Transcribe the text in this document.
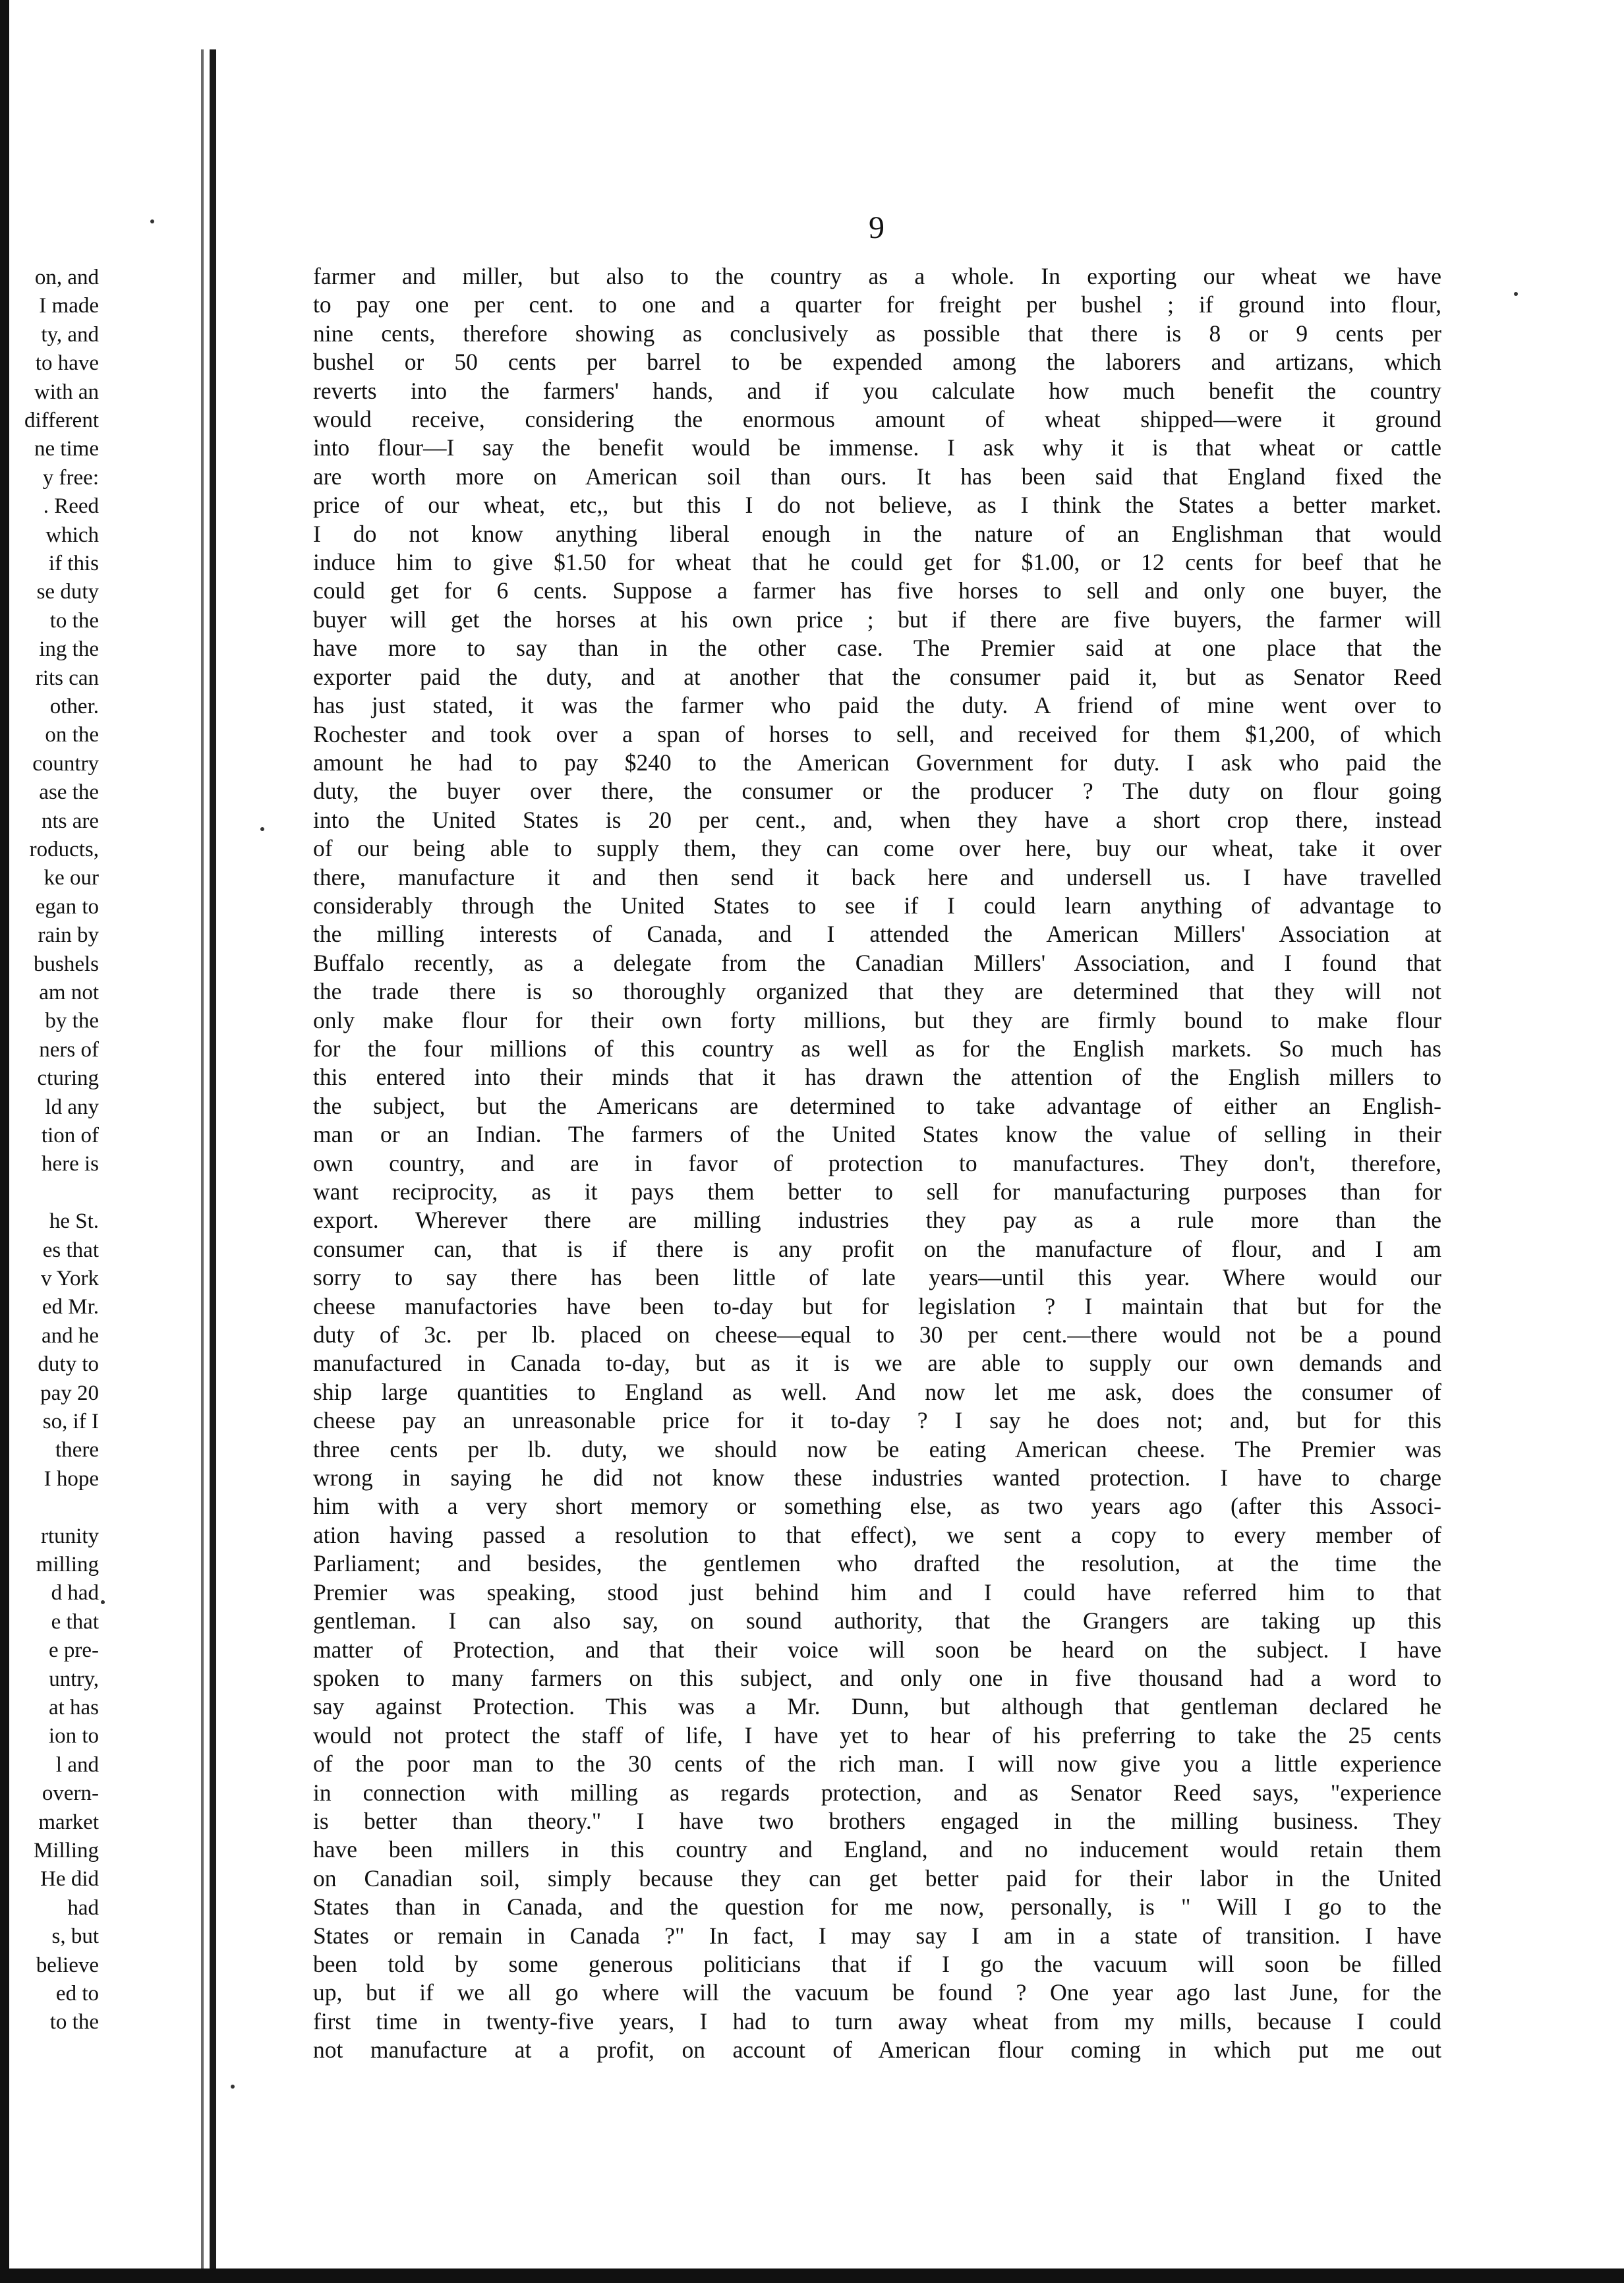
on, and
I made
ty, and
to have
with an
different
ne time
y free:
. Reed
which
if this
se duty
to the
ing the
rits can
other.
on the
country
ase the
nts are
roducts,
ke our
egan to
rain by
bushels
am not
by the
ners of
cturing
ld any
tion of
here is
he St.
es that
v York
ed Mr.
and he
duty to
pay 20
so, if I
there
I hope
rtunity
milling
d had
e that
e pre-
untry,
at has
ion to
l and
overn-
market
Milling
He did
had
s, but
believe
ed to
to the
9
farmer and miller, but also to the country as a whole. In exporting our wheat we have
to pay one per cent. to one and a quarter for freight per bushel ; if ground into flour,
nine cents, therefore showing as conclusively as possible that there is 8 or 9 cents per
bushel or 50 cents per barrel to be expended among the laborers and artizans, which
reverts into the farmers' hands, and if you calculate how much benefit the country
would receive, considering the enormous amount of wheat shipped—were it ground
into flour—I say the benefit would be immense. I ask why it is that wheat or cattle
are worth more on American soil than ours. It has been said that England fixed the
price of our wheat, etc,, but this I do not believe, as I think the States a better market.
I do not know anything liberal enough in the nature of an Englishman that would
induce him to give $1.50 for wheat that he could get for $1.00, or 12 cents for beef that he
could get for 6 cents. Suppose a farmer has five horses to sell and only one buyer, the
buyer will get the horses at his own price ; but if there are five buyers, the farmer will
have more to say than in the other case. The Premier said at one place that the
exporter paid the duty, and at another that the consumer paid it, but as Senator Reed
has just stated, it was the farmer who paid the duty. A friend of mine went over to
Rochester and took over a span of horses to sell, and received for them $1,200, of which
amount he had to pay $240 to the American Government for duty. I ask who paid the
duty, the buyer over there, the consumer or the producer ? The duty on flour going
into the United States is 20 per cent., and, when they have a short crop there, instead
of our being able to supply them, they can come over here, buy our wheat, take it over
there, manufacture it and then send it back here and undersell us. I have travelled
considerably through the United States to see if I could learn anything of advantage to
the milling interests of Canada, and I attended the American Millers' Association at
Buffalo recently, as a delegate from the Canadian Millers' Association, and I found that
the trade there is so thoroughly organized that they are determined that they will not
only make flour for their own forty millions, but they are firmly bound to make flour
for the four millions of this country as well as for the English markets. So much has
this entered into their minds that it has drawn the attention of the English millers to
the subject, but the Americans are determined to take advantage of either an English-
man or an Indian. The farmers of the United States know the value of selling in their
own country, and are in favor of protection to manufactures. They don't, therefore,
want reciprocity, as it pays them better to sell for manufacturing purposes than for
export. Wherever there are milling industries they pay as a rule more than the
consumer can, that is if there is any profit on the manufacture of flour, and I am
sorry to say there has been little of late years—until this year. Where would our
cheese manufactories have been to-day but for legislation ? I maintain that but for the
duty of 3c. per lb. placed on cheese—equal to 30 per cent.—there would not be a pound
manufactured in Canada to-day, but as it is we are able to supply our own demands and
ship large quantities to England as well. And now let me ask, does the consumer of
cheese pay an unreasonable price for it to-day ? I say he does not; and, but for this
three cents per lb. duty, we should now be eating American cheese. The Premier was
wrong in saying he did not know these industries wanted protection. I have to charge
him with a very short memory or something else, as two years ago (after this Associ-
ation having passed a resolution to that effect), we sent a copy to every member of
Parliament; and besides, the gentlemen who drafted the resolution, at the time the
Premier was speaking, stood just behind him and I could have referred him to that
gentleman. I can also say, on sound authority, that the Grangers are taking up this
matter of Protection, and that their voice will soon be heard on the subject. I have
spoken to many farmers on this subject, and only one in five thousand had a word to
say against Protection. This was a Mr. Dunn, but although that gentleman declared he
would not protect the staff of life, I have yet to hear of his preferring to take the 25 cents
of the poor man to the 30 cents of the rich man. I will now give you a little experience
in connection with milling as regards protection, and as Senator Reed says, "experience
is better than theory." I have two brothers engaged in the milling business. They
have been millers in this country and England, and no inducement would retain them
on Canadian soil, simply because they can get better paid for their labor in the United
States than in Canada, and the question for me now, personally, is " Will I go to the
States or remain in Canada ?" In fact, I may say I am in a state of transition. I have
been told by some generous politicians that if I go the vacuum will soon be filled
up, but if we all go where will the vacuum be found ? One year ago last June, for the
first time in twenty-five years, I had to turn away wheat from my mills, because I could
not manufacture at a profit, on account of American flour coming in which put me out
